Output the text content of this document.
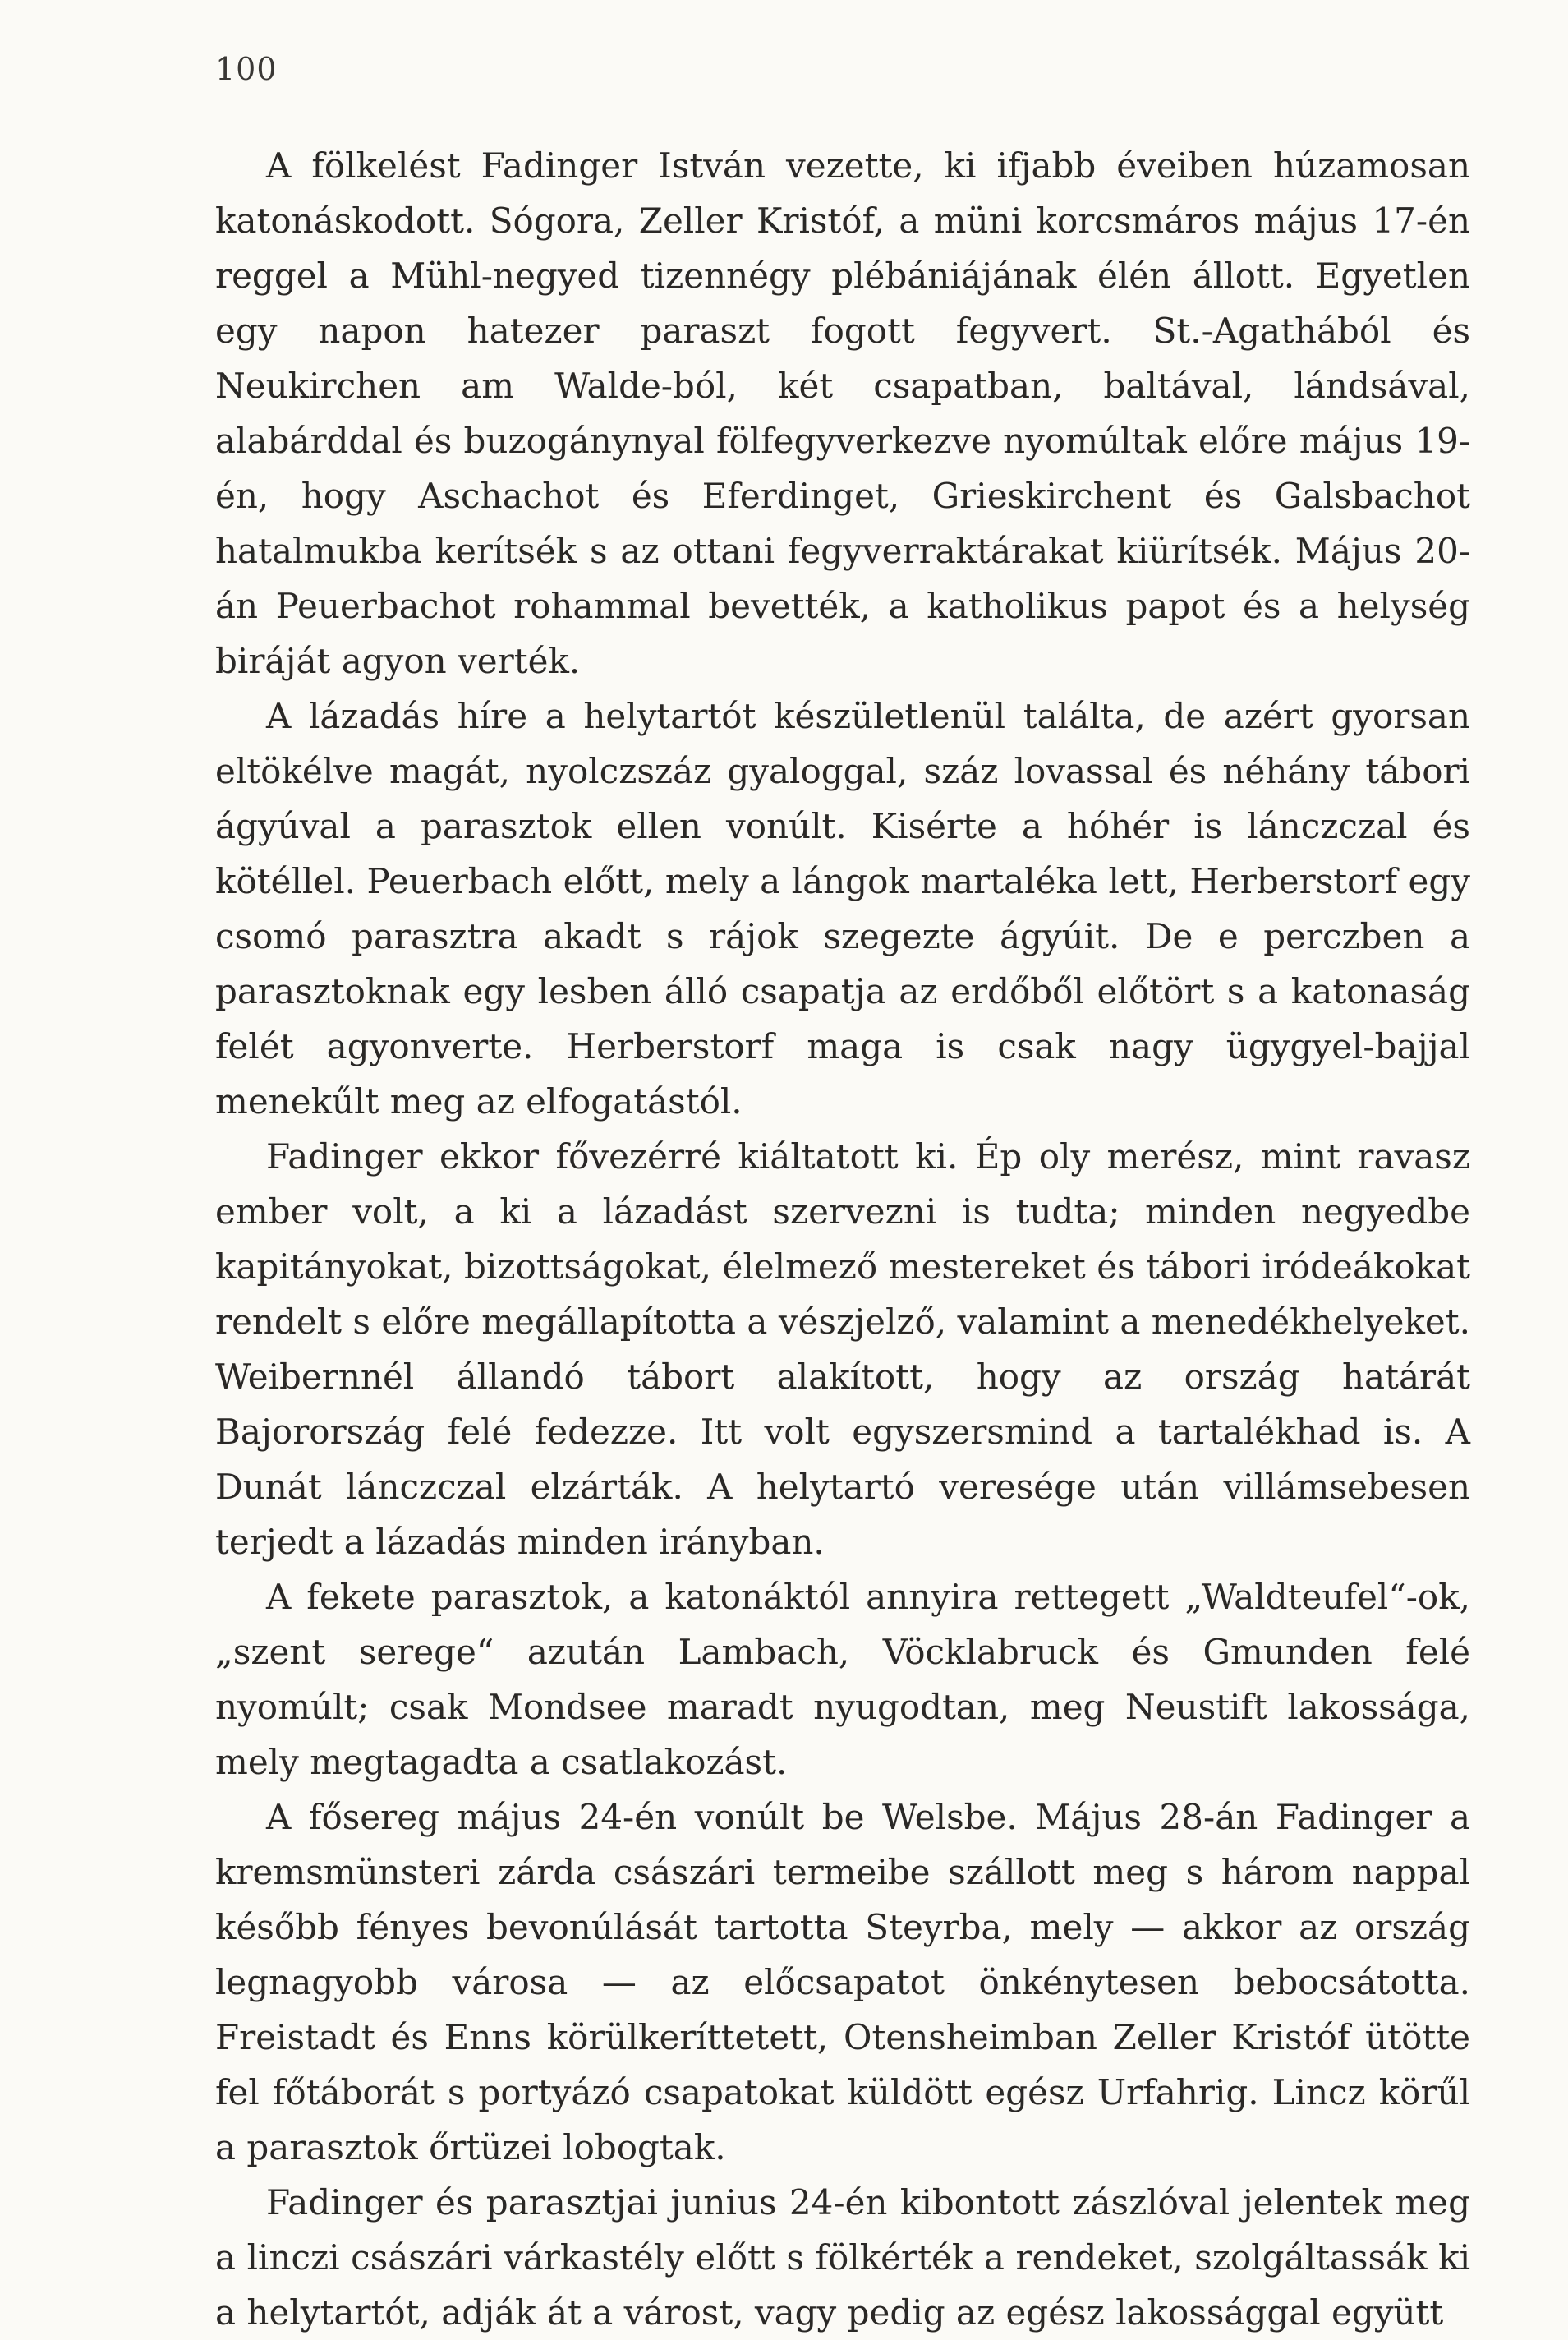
100

A fölkelést Fadinger István vezette, ki ifjabb éveiben húzamosan katonáskodott. Sógora, Zeller Kristóf, a müni korcsmáros május 17-én reggel a Mühl-negyed tizennégy plébániájának élén állott. Egyetlen egy napon hatezer paraszt fogott fegyvert. St.-Agathából és Neukirchen am Walde-ból, két csapatban, baltával, lándsával, alabárddal és buzogánynyal fölfegyverkezve nyomúltak előre május 19-én, hogy Aschachot és Eferdinget, Grieskirchent és Galsbachot hatalmukba kerítsék s az ottani fegyverraktárakat kiürítsék. Május 20-án Peuerbachot rohammal bevették, a katholikus papot és a helység biráját agyon verték.

A lázadás híre a helytartót készületlenül találta, de azért gyorsan eltökélve magát, nyolczszáz gyaloggal, száz lovassal és néhány tábori ágyúval a parasztok ellen vonúlt. Kisérte a hóhér is lánczczal és kötéllel. Peuerbach előtt, mely a lángok martaléka lett, Herberstorf egy csomó parasztra akadt s rájok szegezte ágyúit. De e perczben a parasztoknak egy lesben álló csapatja az erdőből előtört s a katonaság felét agyonverte. Herberstorf maga is csak nagy ügygyel-bajjal menekűlt meg az elfogatástól.

Fadinger ekkor fővezérré kiáltatott ki. Ép oly merész, mint ravasz ember volt, a ki a lázadást szervezni is tudta; minden negyedbe kapitányokat, bizottságokat, élelmező mestereket és tábori iródeákokat rendelt s előre megállapította a vészjelző, valamint a menedékhelyeket. Weibernnél állandó tábort alakított, hogy az ország határát Bajorország felé fedezze. Itt volt egyszersmind a tartalékhad is. A Dunát lánczczal elzárták. A helytartó veresége után villámsebesen terjedt a lázadás minden irányban.

A fekete parasztok, a katonáktól annyira rettegett „Waldteufel“-ok, „szent serege“ azután Lambach, Vöcklabruck és Gmunden felé nyomúlt; csak Mondsee maradt nyugodtan, meg Neustift lakossága, mely megtagadta a csatlakozást.

A fősereg május 24-én vonúlt be Welsbe. Május 28-án Fadinger a kremsmünsteri zárda császári termeibe szállott meg s három nappal később fényes bevonúlását tartotta Steyrba, mely — akkor az ország legnagyobb városa — az előcsapatot önkénytesen bebocsátotta. Freistadt és Enns körülkeríttetett, Otensheimban Zeller Kristóf ütötte fel főtáborát s portyázó csapatokat küldött egész Urfahrig. Lincz körűl a parasztok őrtüzei lobogtak.

Fadinger és parasztjai junius 24-én kibontott zászlóval jelentek meg a linczi császári várkastély előtt s fölkérték a rendeket, szolgáltassák ki a helytartót, adják át a várost, vagy pedig az egész lakossággal együtt
